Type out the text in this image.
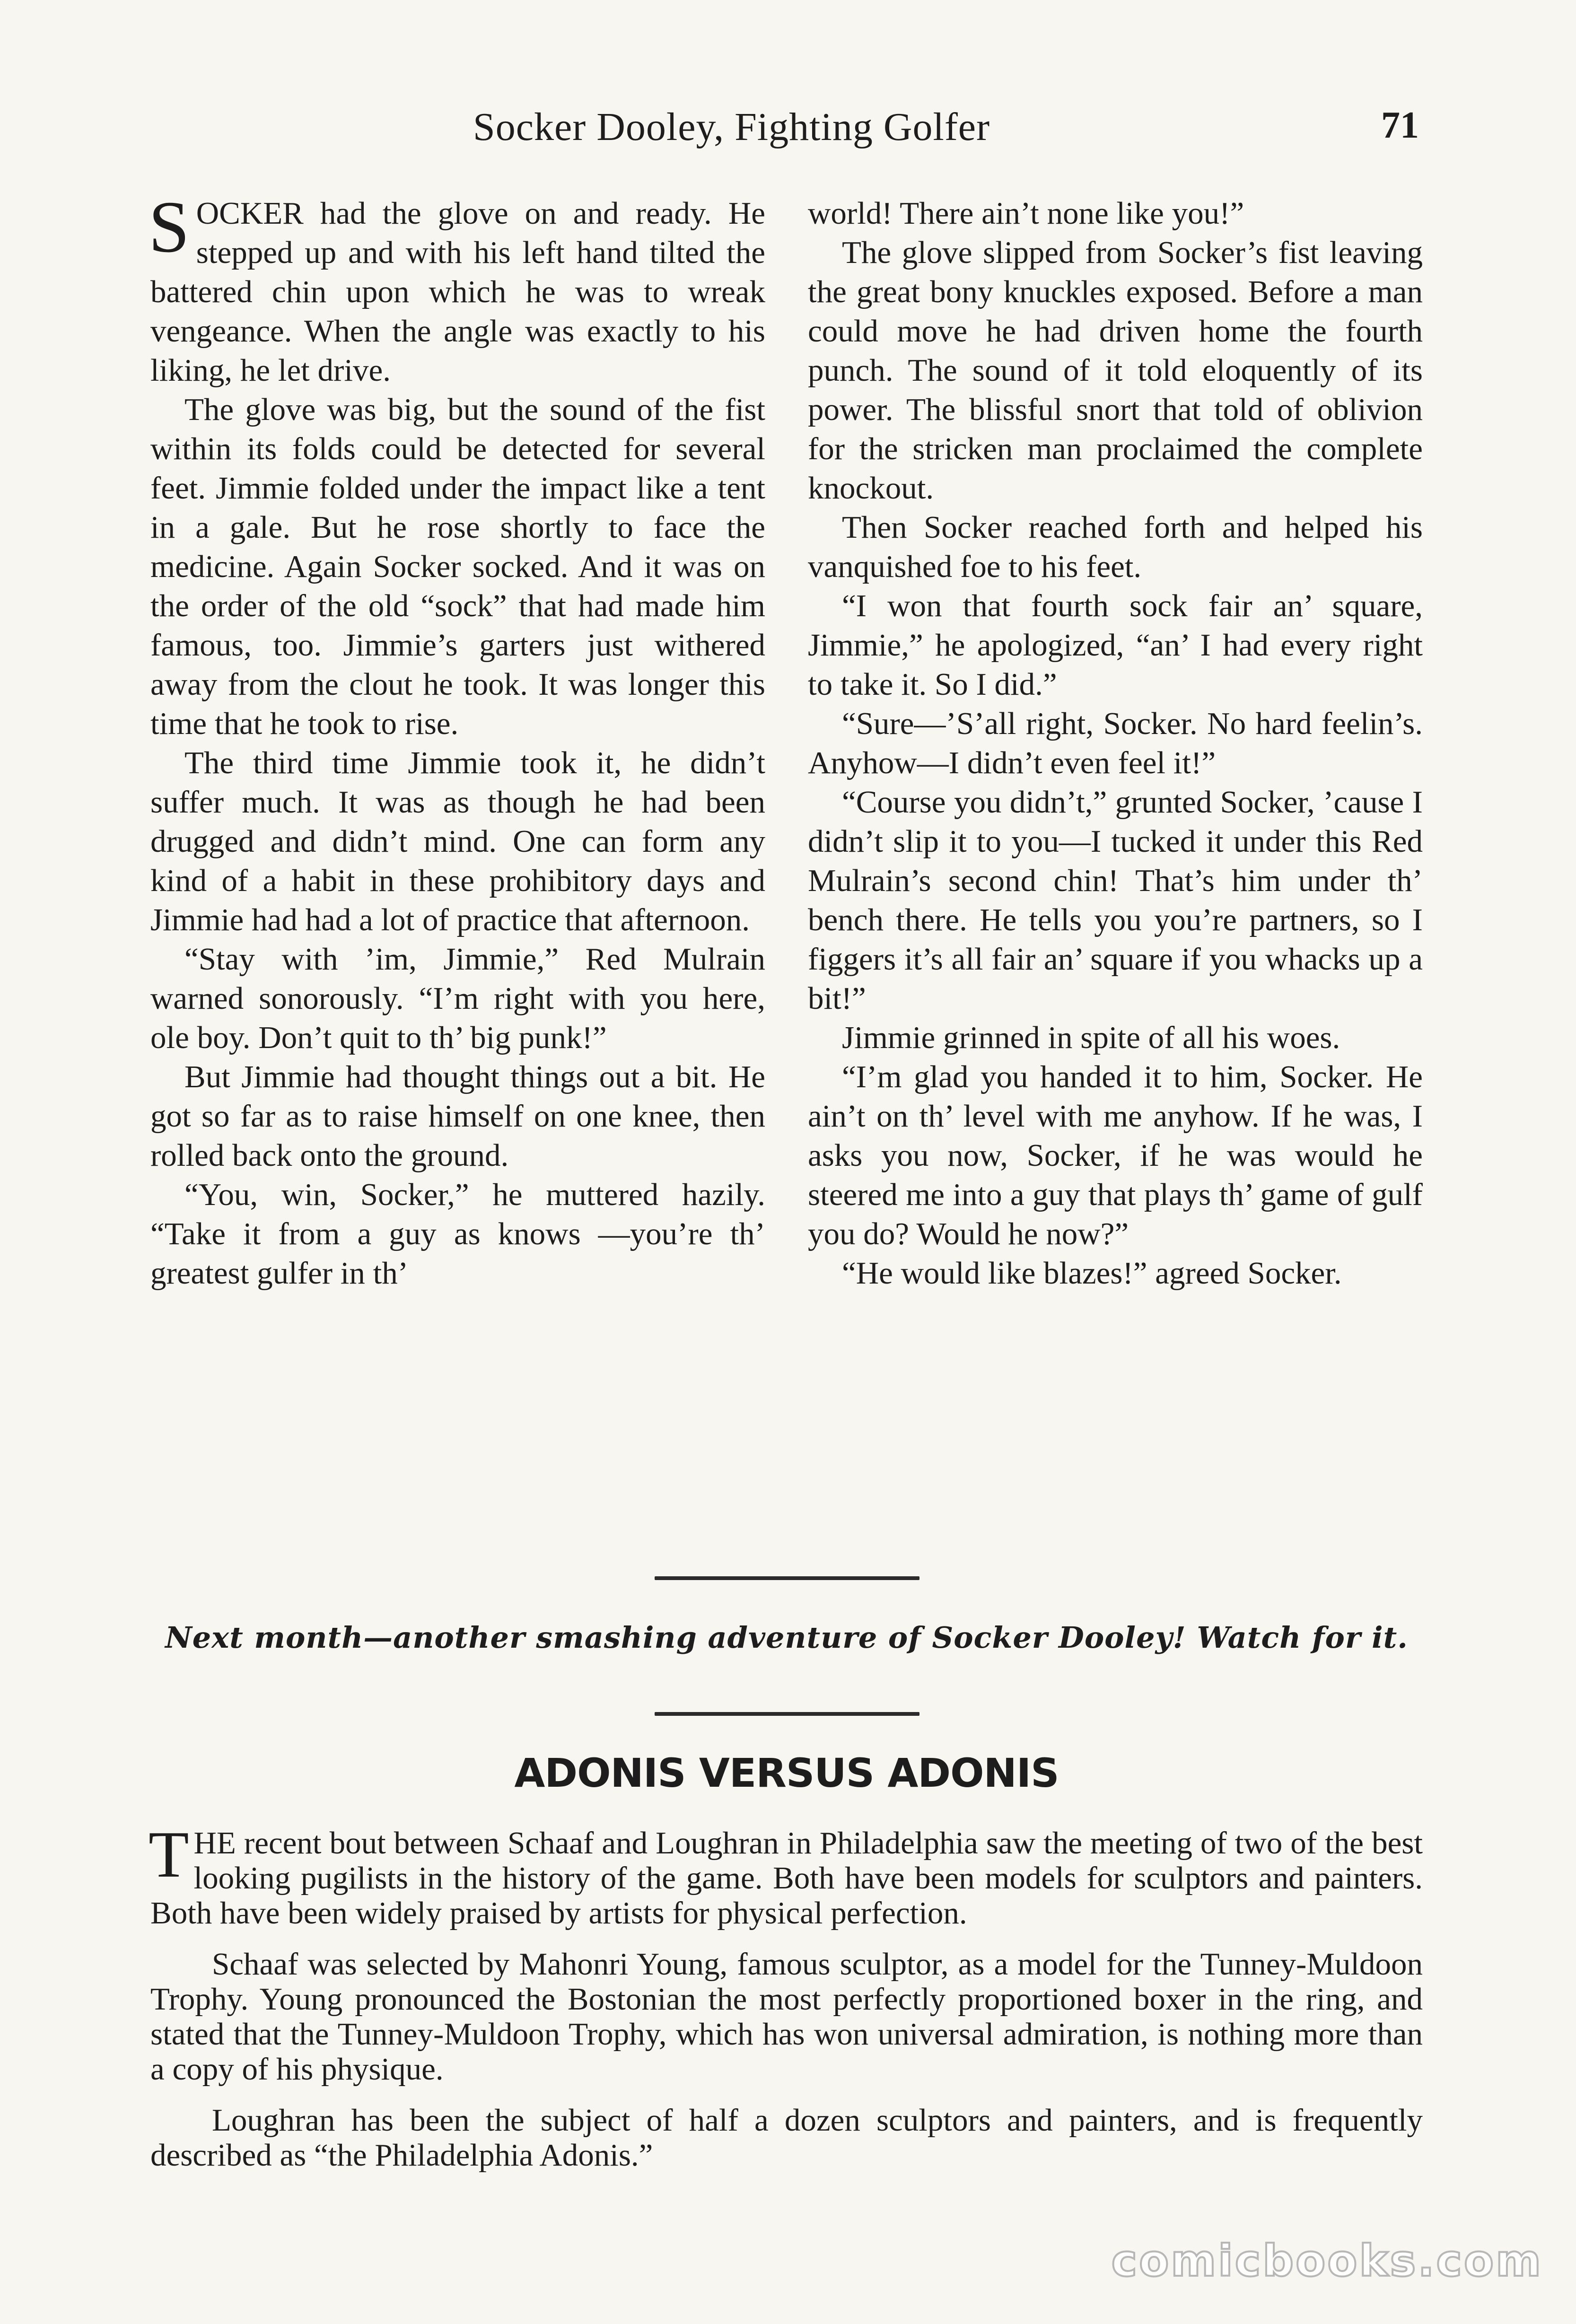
Socker Dooley, Fighting Golfer	71

SOCKER had the glove on and ready. He stepped up and with his left hand tilted the battered chin upon which he was to wreak vengeance. When the angle was exactly to his liking, he let drive.

The glove was big, but the sound of the fist within its folds could be detected for several feet. Jimmie folded under the impact like a tent in a gale. But he rose shortly to face the medicine. Again Socker socked. And it was on the order of the old “sock” that had made him famous, too. Jimmie’s garters just withered away from the clout he took. It was longer this time that he took to rise.

The third time Jimmie took it, he didn’t suffer much. It was as though he had been drugged and didn’t mind. One can form any kind of a habit in these prohibitory days and Jimmie had had a lot of practice that afternoon.

“Stay with ’im, Jimmie,” Red Mulrain warned sonorously. “I’m right with you here, ole boy. Don’t quit to th’ big punk!”

But Jimmie had thought things out a bit. He got so far as to raise himself on one knee, then rolled back onto the ground.

“You, win, Socker,” he muttered hazily. “Take it from a guy as knows —you’re th’ greatest gulfer in th’

world! There ain’t none like you!”

The glove slipped from Socker’s fist leaving the great bony knuckles exposed. Before a man could move he had driven home the fourth punch. The sound of it told eloquently of its power. The blissful snort that told of oblivion for the stricken man proclaimed the complete knockout.

Then Socker reached forth and helped his vanquished foe to his feet.

“I won that fourth sock fair an’ square, Jimmie,” he apologized, “an’ I had every right to take it. So I did.”

“Sure—’S’all right, Socker. No hard feelin’s. Anyhow—I didn’t even feel it!”

“Course you didn’t,” grunted Socker, ’cause I didn’t slip it to you—I tucked it under this Red Mulrain’s second chin! That’s him under th’ bench there. He tells you you’re partners, so I figgers it’s all fair an’ square if you whacks up a bit!”

Jimmie grinned in spite of all his woes.

“I’m glad you handed it to him, Socker. He ain’t on th’ level with me anyhow. If he was, I asks you now, Socker, if he was would he steered me into a guy that plays th’ game of gulf you do? Would he now?”

“He would like blazes!” agreed Socker.

Next month—another smashing adventure of Socker Dooley! Watch for it.
ADONIS VERSUS ADONIS

THE recent bout between Schaaf and Loughran in Philadelphia saw the meeting of two of the best looking pugilists in the history of the game. Both have been models for sculptors and painters. Both have been widely praised by artists for physical perfection.

Schaaf was selected by Mahonri Young, famous sculptor, as a model for the Tunney-Muldoon Trophy. Young pronounced the Bostonian the most perfectly proportioned boxer in the ring, and stated that the Tunney-Muldoon Trophy, which has won universal admiration, is nothing more than a copy of his physique.

Loughran has been the subject of half a dozen sculptors and painters, and is frequently described as “the Philadelphia Adonis.”

comicbooks.com
